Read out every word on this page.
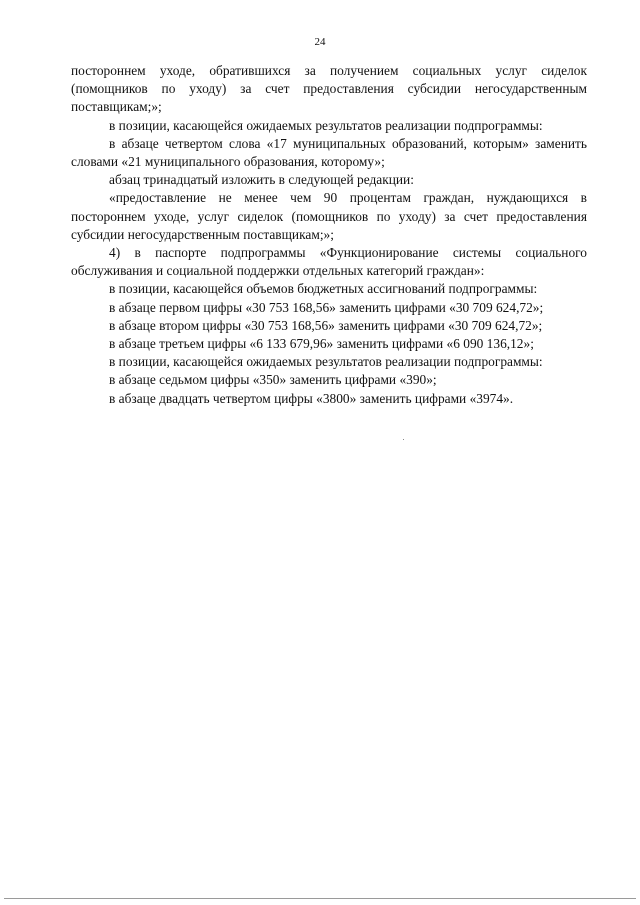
24

постороннем уходе, обратившихся за получением социальных услуг сиделок (помощников по уходу) за счет предоставления субсидии негосударственным поставщикам;»;

в позиции, касающейся ожидаемых результатов реализации подпрограммы:

в абзаце четвертом слова «17 муниципальных образований, которым» заменить словами «21 муниципального образования, которому»;

абзац тринадцатый изложить в следующей редакции:

«предоставление не менее чем 90 процентам граждан, нуждающихся в постороннем уходе, услуг сиделок (помощников по уходу) за счет предоставления субсидии негосударственным поставщикам;»;

4) в паспорте подпрограммы «Функционирование системы социального обслуживания и социальной поддержки отдельных категорий граждан»:

в позиции, касающейся объемов бюджетных ассигнований подпрограммы:

в абзаце первом цифры «30 753 168,56» заменить цифрами «30 709 624,72»;

в абзаце втором цифры «30 753 168,56» заменить цифрами «30 709 624,72»;

в абзаце третьем цифры «6 133 679,96» заменить цифрами «6 090 136,12»;

в позиции, касающейся ожидаемых результатов реализации подпрограммы:

в абзаце седьмом цифры «350» заменить цифрами «390»;

в абзаце двадцать четвертом цифры «3800» заменить цифрами «3974».
